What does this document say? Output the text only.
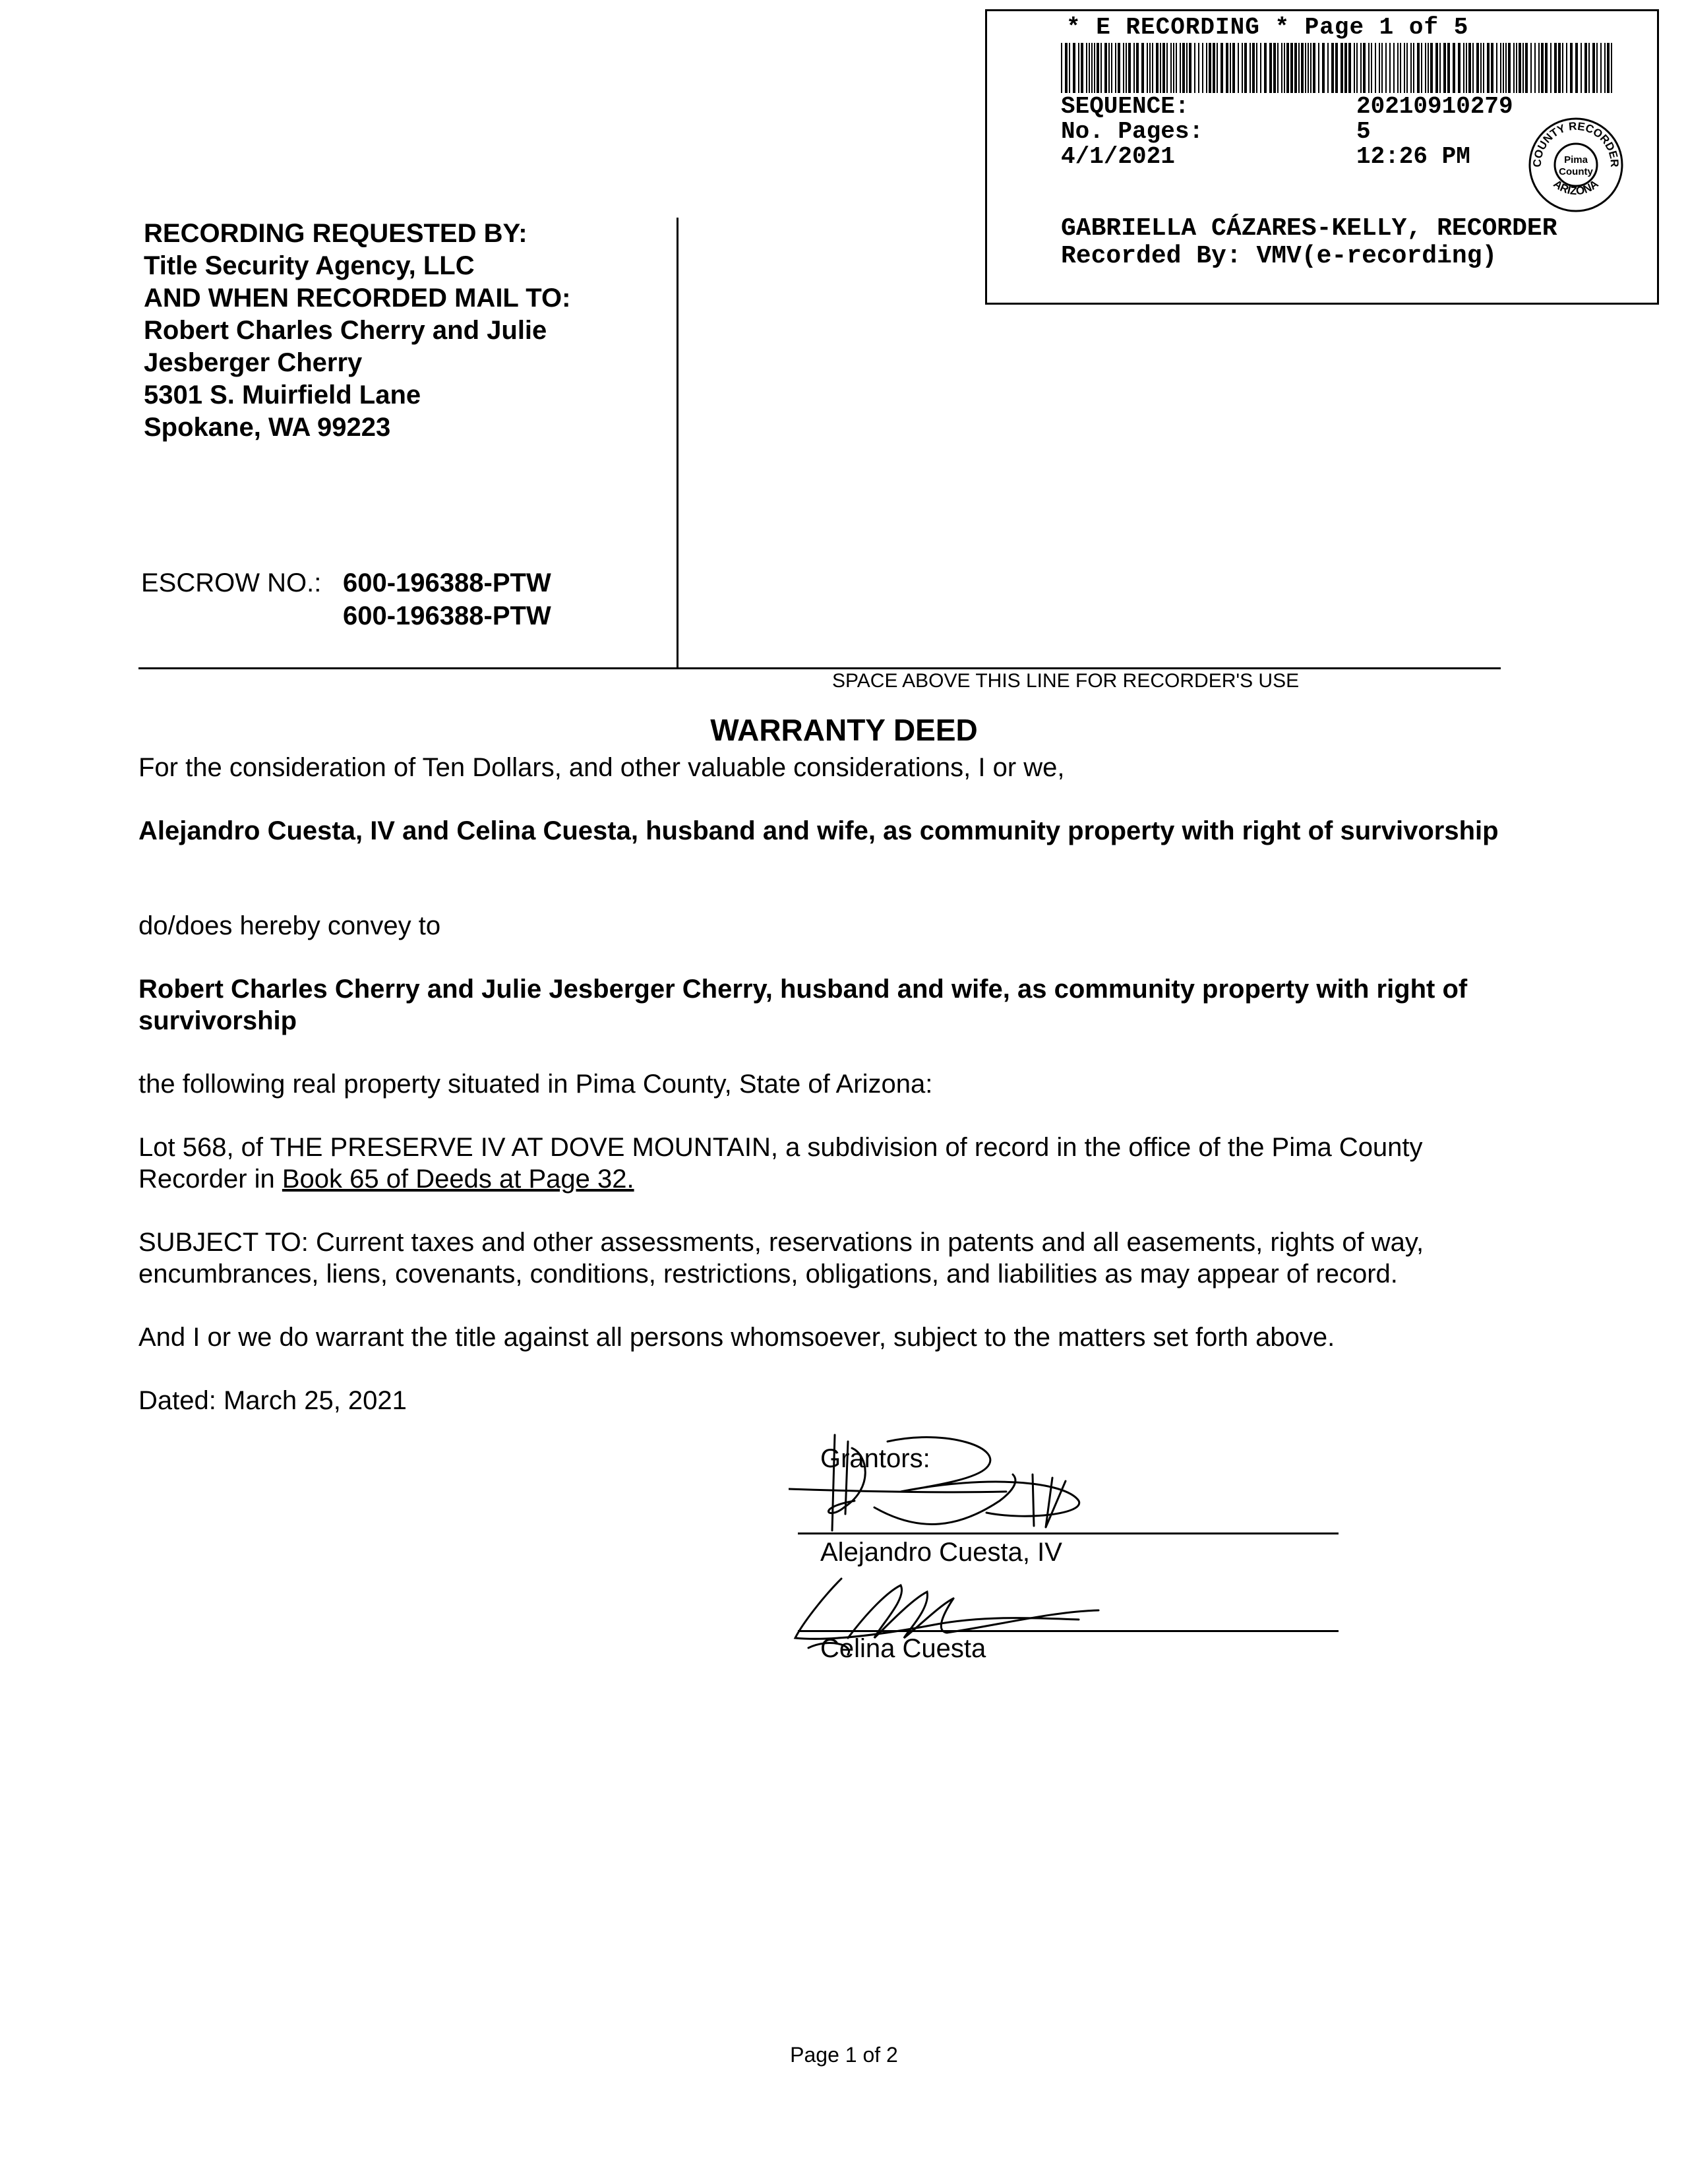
* E RECORDING * Page 1 of 5
SEQUENCE:	20210910279
No. Pages:	5
4/1/2021	12:26 PM	COUNTY RECORDER
ARIZONA
Pima
County
GABRIELLA CÁZARES-KELLY, RECORDER
Recorded By: VMV(e-recording)
RECORDING REQUESTED BY:
Title Security Agency, LLC
AND WHEN RECORDED MAIL TO:
Robert Charles Cherry and Julie
Jesberger Cherry
5301 S. Muirfield Lane
Spokane, WA 99223
ESCROW NO.: 600-196388-PTW
600-196388-PTW
SPACE ABOVE THIS LINE FOR RECORDER'S USE
WARRANTY DEED
For the consideration of Ten Dollars, and other valuable considerations, I or we,
Alejandro Cuesta, IV and Celina Cuesta, husband and wife, as community property with right of survivorship
do/does hereby convey to
Robert Charles Cherry and Julie Jesberger Cherry, husband and wife, as community property with right of survivorship
the following real property situated in Pima County, State of Arizona:
Lot 568, of THE PRESERVE IV AT DOVE MOUNTAIN, a subdivision of record in the office of the Pima County Recorder in Book 65 of Deeds at Page 32.
SUBJECT TO: Current taxes and other assessments, reservations in patents and all easements, rights of way, encumbrances, liens, covenants, conditions, restrictions, obligations, and liabilities as may appear of record.
And I or we do warrant the title against all persons whomsoever, subject to the matters set forth above.
Dated: March 25, 2021
Grantors:
Alejandro Cuesta, IV
Celina Cuesta
Page 1 of 2
